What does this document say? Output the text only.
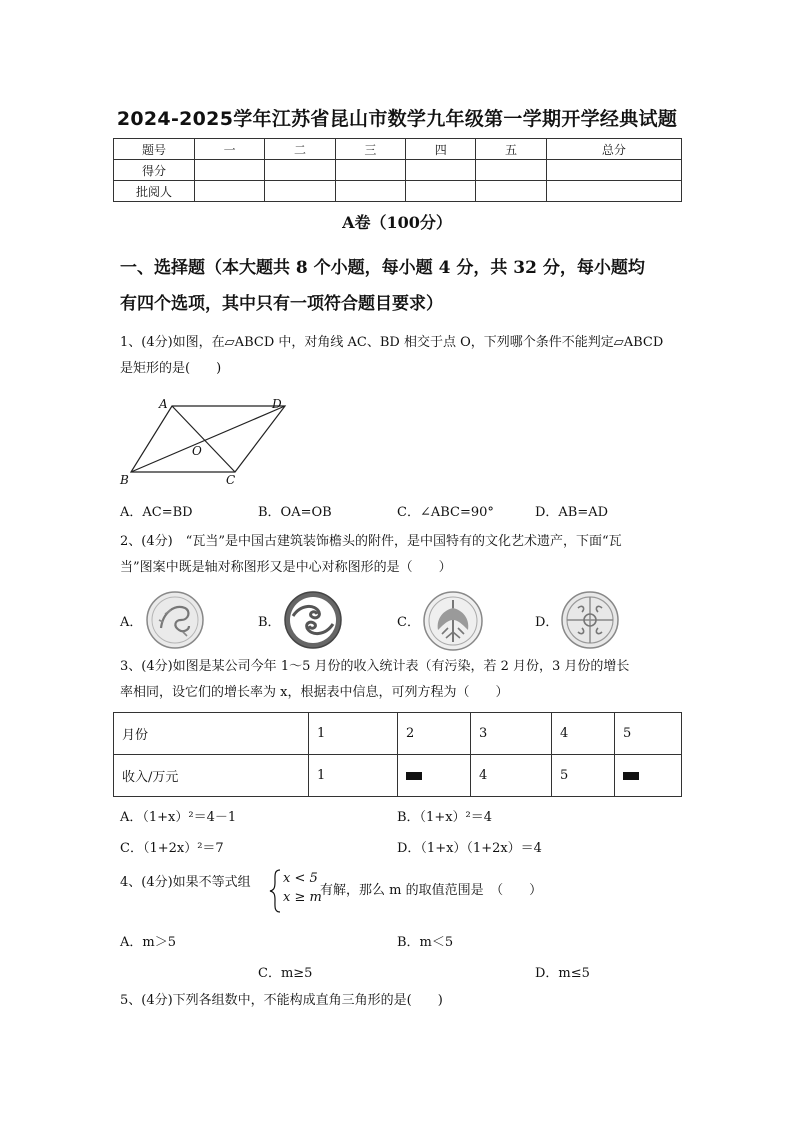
2024-2025学年江苏省昆山市数学九年级第一学期开学经典试题
题号	一	二	三	四	五	总分
得分						
批阅人						
A卷（100分）
一、选择题（本大题共 8 个小题，每小题 4 分，共 32 分，每小题均
有四个选项，其中只有一项符合题目要求）
1、(4分)如图，在▱ABCD 中，对角线 AC、BD 相交于点 O，下列哪个条件不能判定▱ABCD
是矩形的是(　　)
A	D
B	C
O
A．AC=BD	B．OA=OB	C．∠ABC=90°	D．AB=AD
2、(4分)　“瓦当”是中国古建筑装饰檐头的附件，是中国特有的文化艺术遗产，下面“瓦
当”图案中既是轴对称图形又是中心对称图形的是（　　）
A．	B．	C．	D．
3、(4分)如图是某公司今年 1～5 月份的收入统计表（有污染，若 2 月份，3 月份的增长
率相同，设它们的增长率为 x，根据表中信息，可列方程为（　　）
月份	1	2	3	4	5
收入/万元	1		4	5	
A．（1+x）²＝4－1	B．（1+x）²＝4
C．（1+2x）²＝7	D．（1+x）（1+2x）＝4
4、(4分)如果不等式组 x < 5
x ≥ m
有解，那么 m 的取值范围是　（　　）
A．m＞5	B．m＜5
C．m≥5	D．m≤5
5、(4分)下列各组数中，不能构成直角三角形的是(　　)
